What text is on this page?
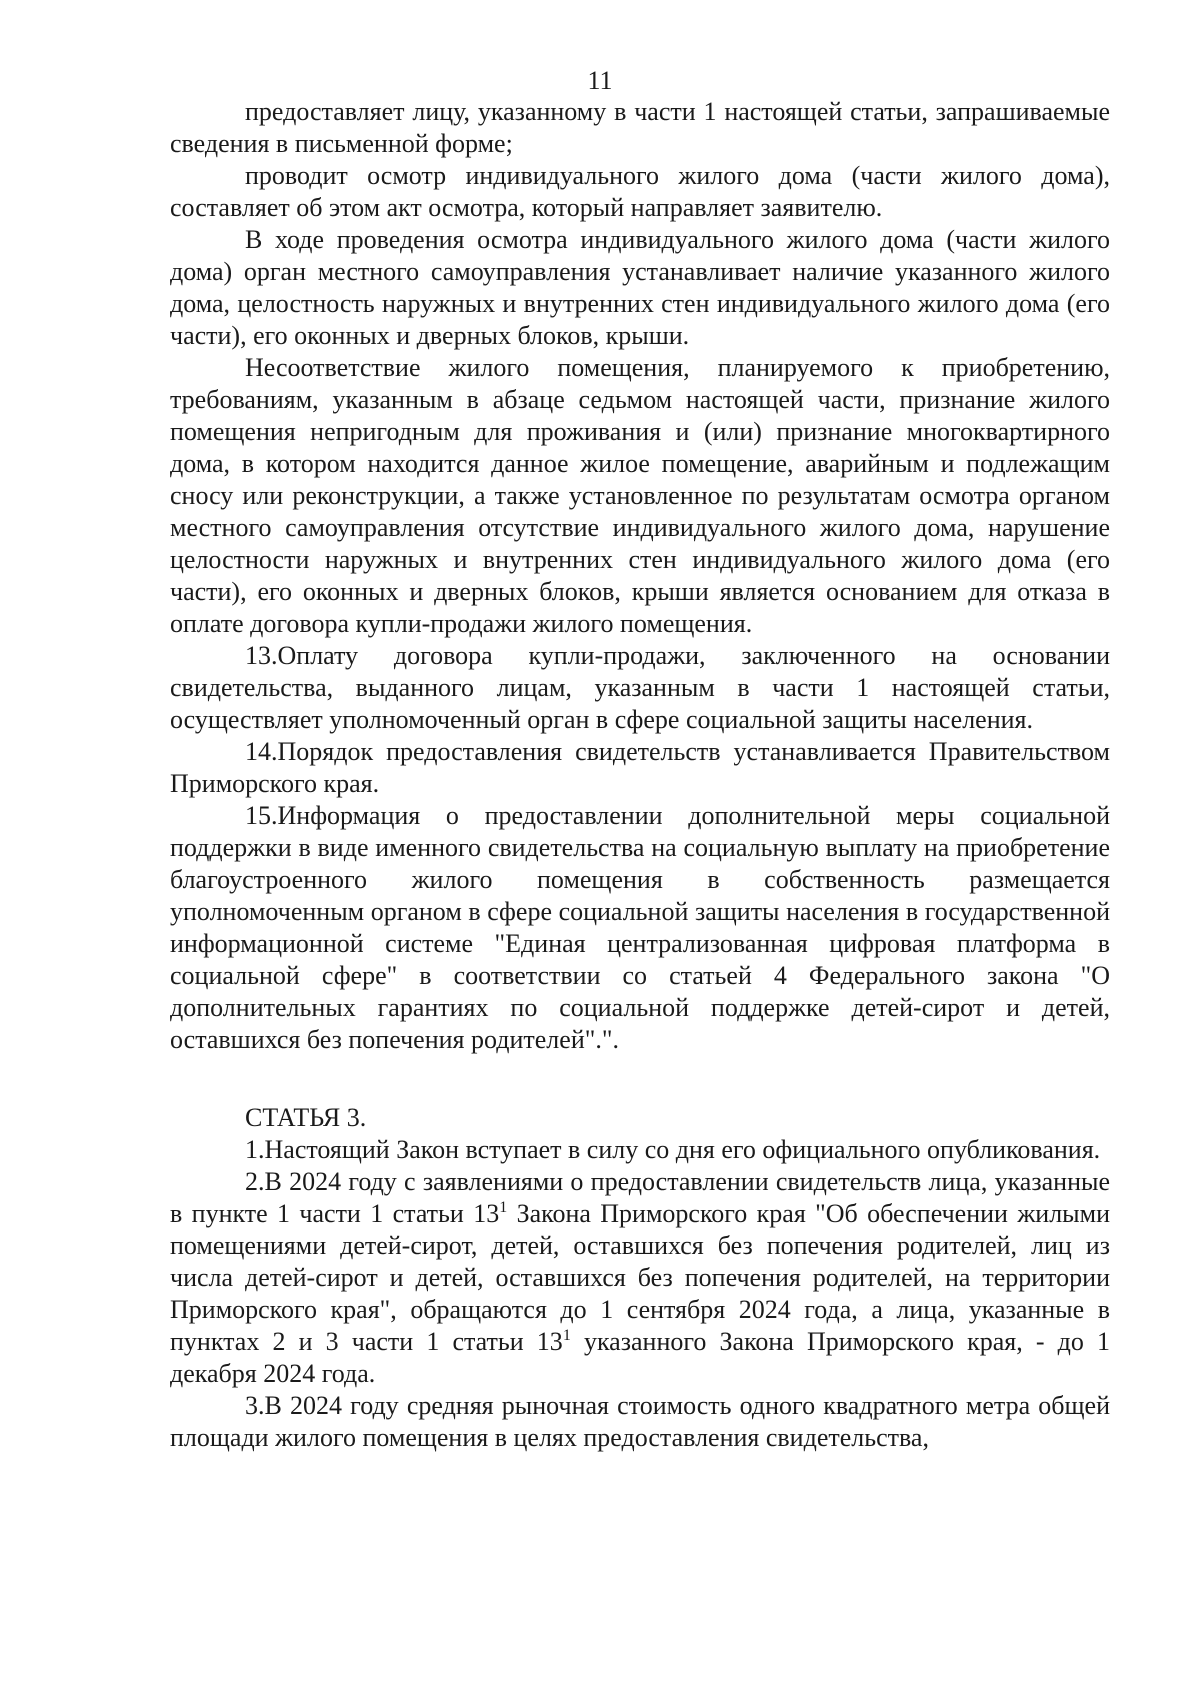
11

предоставляет лицу, указанному в части 1 настоящей статьи, запрашиваемые сведения в письменной форме;

проводит осмотр индивидуального жилого дома (части жилого дома), составляет об этом акт осмотра, который направляет заявителю.

В ходе проведения осмотра индивидуального жилого дома (части жилого дома) орган местного самоуправления устанавливает наличие указанного жилого дома, целостность наружных и внутренних стен индивидуального жилого дома (его части), его оконных и дверных блоков, крыши.

Несоответствие жилого помещения, планируемого к приобретению, требованиям, указанным в абзаце седьмом настоящей части, признание жилого помещения непригодным для проживания и (или) признание многоквартирного дома, в котором находится данное жилое помещение, аварийным и подлежащим сносу или реконструкции, а также установленное по результатам осмотра органом местного самоуправления отсутствие индивидуального жилого дома, нарушение целостности наружных и внутренних стен индивидуального жилого дома (его части), его оконных и дверных блоков, крыши является основанием для отказа в оплате договора купли-продажи жилого помещения.

13.Оплату договора купли-продажи, заключенного на основании свидетельства, выданного лицам, указанным в части 1 настоящей статьи, осуществляет уполномоченный орган в сфере социальной защиты населения.

14.Порядок предоставления свидетельств устанавливается Правительством Приморского края.

15.Информация о предоставлении дополнительной меры социальной поддержки в виде именного свидетельства на социальную выплату на приобретение благоустроенного жилого помещения в собственность размещается уполномоченным органом в сфере социальной защиты населения в государственной информационной системе "Единая централизованная цифровая платформа в социальной сфере" в соответствии со статьей 4 Федерального закона "О дополнительных гарантиях по социальной поддержке детей-сирот и детей, оставшихся без попечения родителей".".

СТАТЬЯ 3.

1.Настоящий Закон вступает в силу со дня его официального опубликования.

2.В 2024 году с заявлениями о предоставлении свидетельств лица, указанные в пункте 1 части 1 статьи $13^1$ Закона Приморского края "Об обеспечении жилыми помещениями детей-сирот, детей, оставшихся без попечения родителей, лиц из числа детей-сирот и детей, оставшихся без попечения родителей, на территории Приморского края", обращаются до 1 сентября 2024 года, а лица, указанные в пунктах 2 и 3 части 1 статьи $13^1$ указанного Закона Приморского края, - до 1 декабря 2024 года.

3.В 2024 году средняя рыночная стоимость одного квадратного метра общей площади жилого помещения в целях предоставления свидетельства,
